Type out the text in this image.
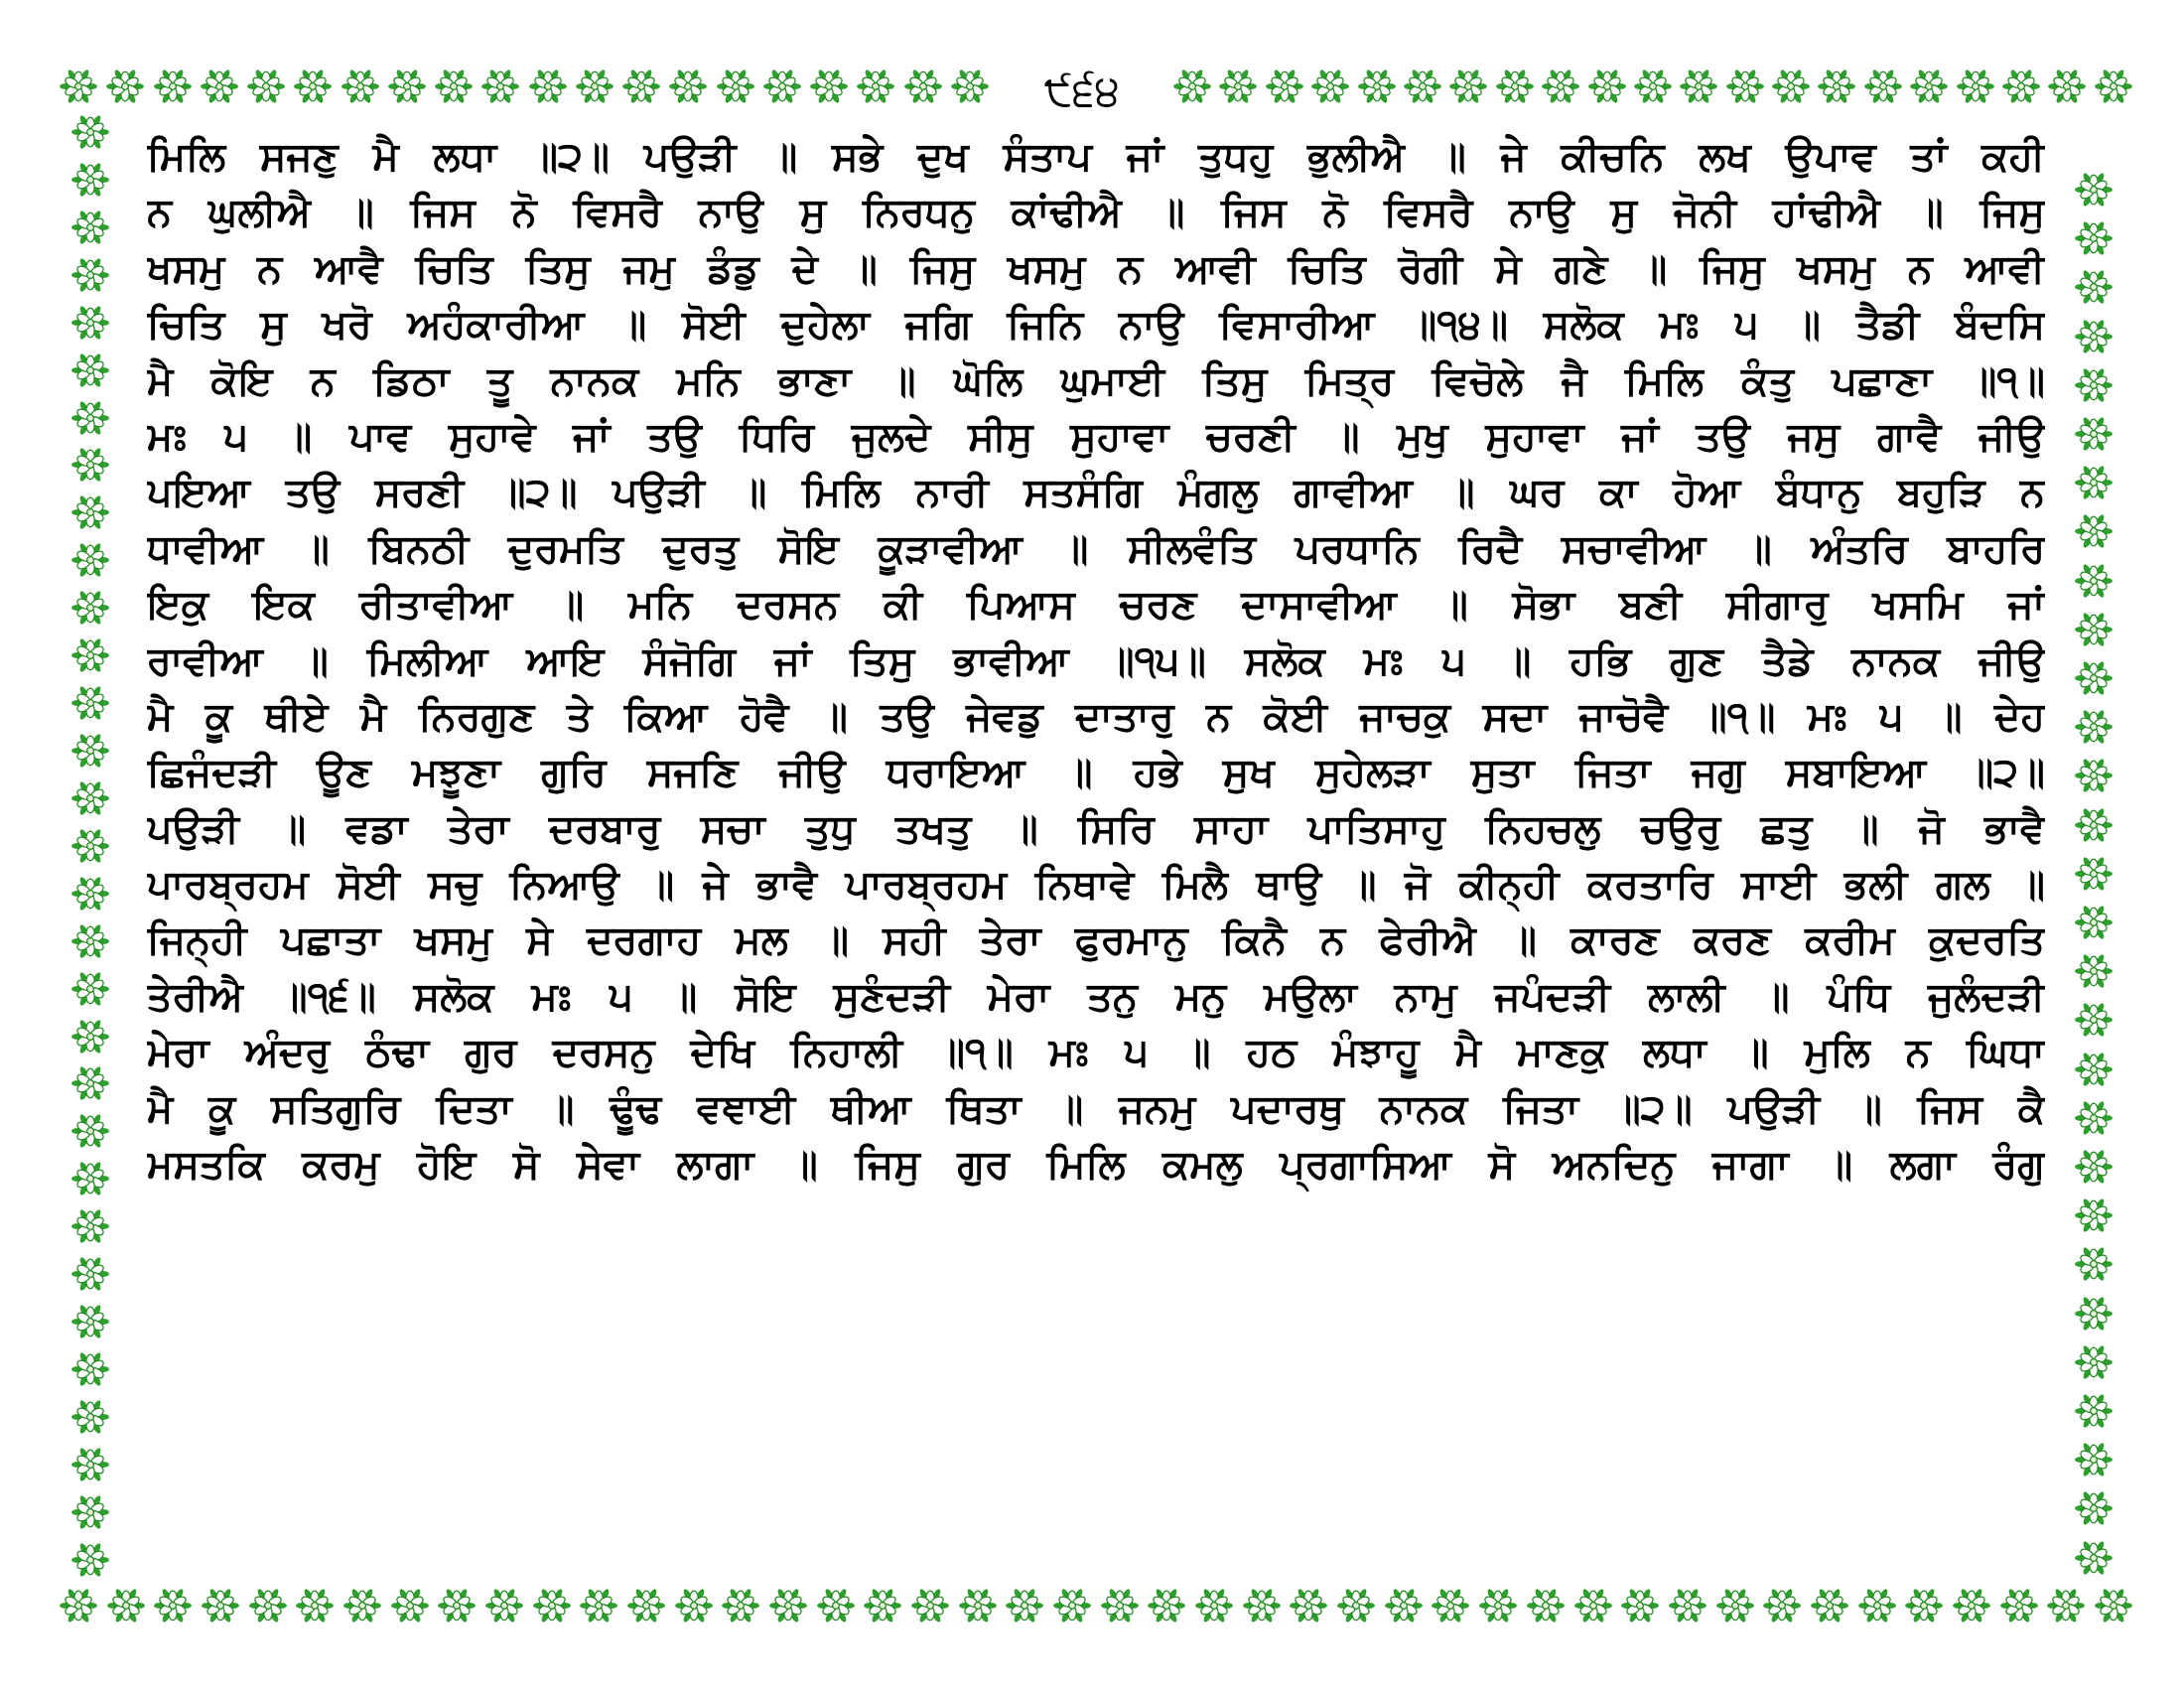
੯੬੪
ਮਿਲਿ ਸਜਣੁ ਮੈ ਲਧਾ ॥੨॥ ਪਉੜੀ ॥ ਸਭੇ ਦੁਖ ਸੰਤਾਪ ਜਾਂ ਤੁਧਹੁ ਭੁਲੀਐ ॥ ਜੇ ਕੀਚਨਿ ਲਖ ਉਪਾਵ ਤਾਂ ਕਹੀ
ਨ ਘੁਲੀਐ ॥ ਜਿਸ ਨੋ ਵਿਸਰੈ ਨਾਉ ਸੁ ਨਿਰਧਨੁ ਕਾਂਢੀਐ ॥ ਜਿਸ ਨੋ ਵਿਸਰੈ ਨਾਉ ਸੁ ਜੋਨੀ ਹਾਂਢੀਐ ॥ ਜਿਸੁ
ਖਸਮੁ ਨ ਆਵੈ ਚਿਤਿ ਤਿਸੁ ਜਮੁ ਡੰਡੁ ਦੇ ॥ ਜਿਸੁ ਖਸਮੁ ਨ ਆਵੀ ਚਿਤਿ ਰੋਗੀ ਸੇ ਗਣੇ ॥ ਜਿਸੁ ਖਸਮੁ ਨ ਆਵੀ
ਚਿਤਿ ਸੁ ਖਰੋ ਅਹੰਕਾਰੀਆ ॥ ਸੋਈ ਦੁਹੇਲਾ ਜਗਿ ਜਿਨਿ ਨਾਉ ਵਿਸਾਰੀਆ ॥੧੪॥ ਸਲੋਕ ਮਃ ੫ ॥ ਤੈਡੀ ਬੰਦਸਿ
ਮੈ ਕੋਇ ਨ ਡਿਠਾ ਤੂ ਨਾਨਕ ਮਨਿ ਭਾਣਾ ॥ ਘੋਲਿ ਘੁਮਾਈ ਤਿਸੁ ਮਿਤ੍ਰ ਵਿਚੋਲੇ ਜੈ ਮਿਲਿ ਕੰਤੁ ਪਛਾਣਾ ॥੧॥
ਮਃ ੫ ॥ ਪਾਵ ਸੁਹਾਵੇ ਜਾਂ ਤਉ ਧਿਰਿ ਜੁਲਦੇ ਸੀਸੁ ਸੁਹਾਵਾ ਚਰਣੀ ॥ ਮੁਖੁ ਸੁਹਾਵਾ ਜਾਂ ਤਉ ਜਸੁ ਗਾਵੈ ਜੀਉ
ਪਇਆ ਤਉ ਸਰਣੀ ॥੨॥ ਪਉੜੀ ॥ ਮਿਲਿ ਨਾਰੀ ਸਤਸੰਗਿ ਮੰਗਲੁ ਗਾਵੀਆ ॥ ਘਰ ਕਾ ਹੋਆ ਬੰਧਾਨੁ ਬਹੁੜਿ ਨ
ਧਾਵੀਆ ॥ ਬਿਨਠੀ ਦੁਰਮਤਿ ਦੁਰਤੁ ਸੋਇ ਕੂੜਾਵੀਆ ॥ ਸੀਲਵੰਤਿ ਪਰਧਾਨਿ ਰਿਦੈ ਸਚਾਵੀਆ ॥ ਅੰਤਰਿ ਬਾਹਰਿ
ਇਕੁ ਇਕ ਰੀਤਾਵੀਆ ॥ ਮਨਿ ਦਰਸਨ ਕੀ ਪਿਆਸ ਚਰਣ ਦਾਸਾਵੀਆ ॥ ਸੋਭਾ ਬਣੀ ਸੀਗਾਰੁ ਖਸਮਿ ਜਾਂ
ਰਾਵੀਆ ॥ ਮਿਲੀਆ ਆਇ ਸੰਜੋਗਿ ਜਾਂ ਤਿਸੁ ਭਾਵੀਆ ॥੧੫॥ ਸਲੋਕ ਮਃ ੫ ॥ ਹਭਿ ਗੁਣ ਤੈਡੇ ਨਾਨਕ ਜੀਉ
ਮੈ ਕੂ ਥੀਏ ਮੈ ਨਿਰਗੁਣ ਤੇ ਕਿਆ ਹੋਵੈ ॥ ਤਉ ਜੇਵਡੁ ਦਾਤਾਰੁ ਨ ਕੋਈ ਜਾਚਕੁ ਸਦਾ ਜਾਚੋਵੈ ॥੧॥ ਮਃ ੫ ॥ ਦੇਹ
ਛਿਜੰਦੜੀ ਊਣ ਮਝੂਣਾ ਗੁਰਿ ਸਜਣਿ ਜੀਉ ਧਰਾਇਆ ॥ ਹਭੇ ਸੁਖ ਸੁਹੇਲੜਾ ਸੁਤਾ ਜਿਤਾ ਜਗੁ ਸਬਾਇਆ ॥੨॥
ਪਉੜੀ ॥ ਵਡਾ ਤੇਰਾ ਦਰਬਾਰੁ ਸਚਾ ਤੁਧੁ ਤਖਤੁ ॥ ਸਿਰਿ ਸਾਹਾ ਪਾਤਿਸਾਹੁ ਨਿਹਚਲੁ ਚਉਰੁ ਛਤੁ ॥ ਜੋ ਭਾਵੈ
ਪਾਰਬ੍ਰਹਮ ਸੋਈ ਸਚੁ ਨਿਆਉ ॥ ਜੇ ਭਾਵੈ ਪਾਰਬ੍ਰਹਮ ਨਿਥਾਵੇ ਮਿਲੈ ਥਾਉ ॥ ਜੋ ਕੀਨ੍ਹੀ ਕਰਤਾਰਿ ਸਾਈ ਭਲੀ ਗਲ ॥
ਜਿਨ੍ਹੀ ਪਛਾਤਾ ਖਸਮੁ ਸੇ ਦਰਗਾਹ ਮਲ ॥ ਸਹੀ ਤੇਰਾ ਫੁਰਮਾਨੁ ਕਿਨੈ ਨ ਫੇਰੀਐ ॥ ਕਾਰਣ ਕਰਣ ਕਰੀਮ ਕੁਦਰਤਿ
ਤੇਰੀਐ ॥੧੬॥ ਸਲੋਕ ਮਃ ੫ ॥ ਸੋਇ ਸੁਣੰਦੜੀ ਮੇਰਾ ਤਨੁ ਮਨੁ ਮਉਲਾ ਨਾਮੁ ਜਪੰਦੜੀ ਲਾਲੀ ॥ ਪੰਧਿ ਜੁਲੰਦੜੀ
ਮੇਰਾ ਅੰਦਰੁ ਠੰਢਾ ਗੁਰ ਦਰਸਨੁ ਦੇਖਿ ਨਿਹਾਲੀ ॥੧॥ ਮਃ ੫ ॥ ਹਠ ਮੰਝਾਹੂ ਮੈ ਮਾਣਕੁ ਲਧਾ ॥ ਮੁਲਿ ਨ ਘਿਧਾ
ਮੈ ਕੂ ਸਤਿਗੁਰਿ ਦਿਤਾ ॥ ਢੂੰਢ ਵਞਾਈ ਥੀਆ ਥਿਤਾ ॥ ਜਨਮੁ ਪਦਾਰਥੁ ਨਾਨਕ ਜਿਤਾ ॥੨॥ ਪਉੜੀ ॥ ਜਿਸ ਕੈ
ਮਸਤਕਿ ਕਰਮੁ ਹੋਇ ਸੋ ਸੇਵਾ ਲਾਗਾ ॥ ਜਿਸੁ ਗੁਰ ਮਿਲਿ ਕਮਲੁ ਪ੍ਰਗਾਸਿਆ ਸੋ ਅਨਦਿਨੁ ਜਾਗਾ ॥ ਲਗਾ ਰੰਗੁ
